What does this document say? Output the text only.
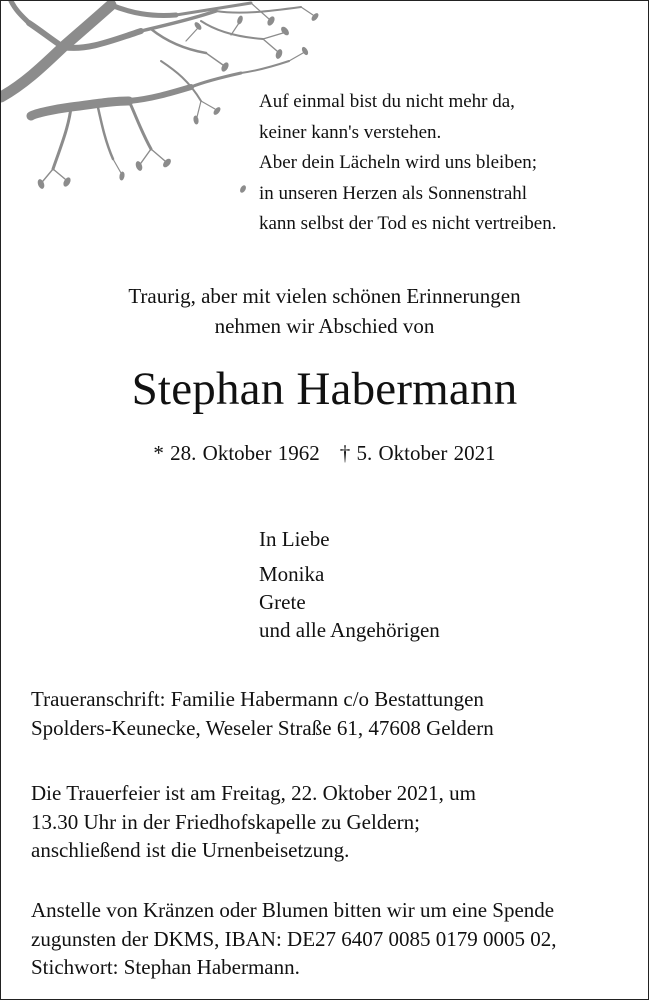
Auf einmal bist du nicht mehr da,
keiner kann's verstehen.
Aber dein Lächeln wird uns bleiben;
in unseren Herzen als Sonnenstrahl
kann selbst der Tod es nicht vertreiben.
Traurig, aber mit vielen schönen Erinnerungen
nehmen wir Abschied von
Stephan Habermann
* 28. Oktober 1962 † 5. Oktober 2021
In Liebe
Monika
Grete
und alle Angehörigen
Traueranschrift: Familie Habermann c/o Bestattungen
Spolders-Keunecke, Weseler Straße 61, 47608 Geldern
Die Trauerfeier ist am Freitag, 22. Oktober 2021, um
13.30 Uhr in der Friedhofskapelle zu Geldern;
anschließend ist die Urnenbeisetzung.
Anstelle von Kränzen oder Blumen bitten wir um eine Spende
zugunsten der DKMS, IBAN: DE27 6407 0085 0179 0005 02,
Stichwort: Stephan Habermann.
